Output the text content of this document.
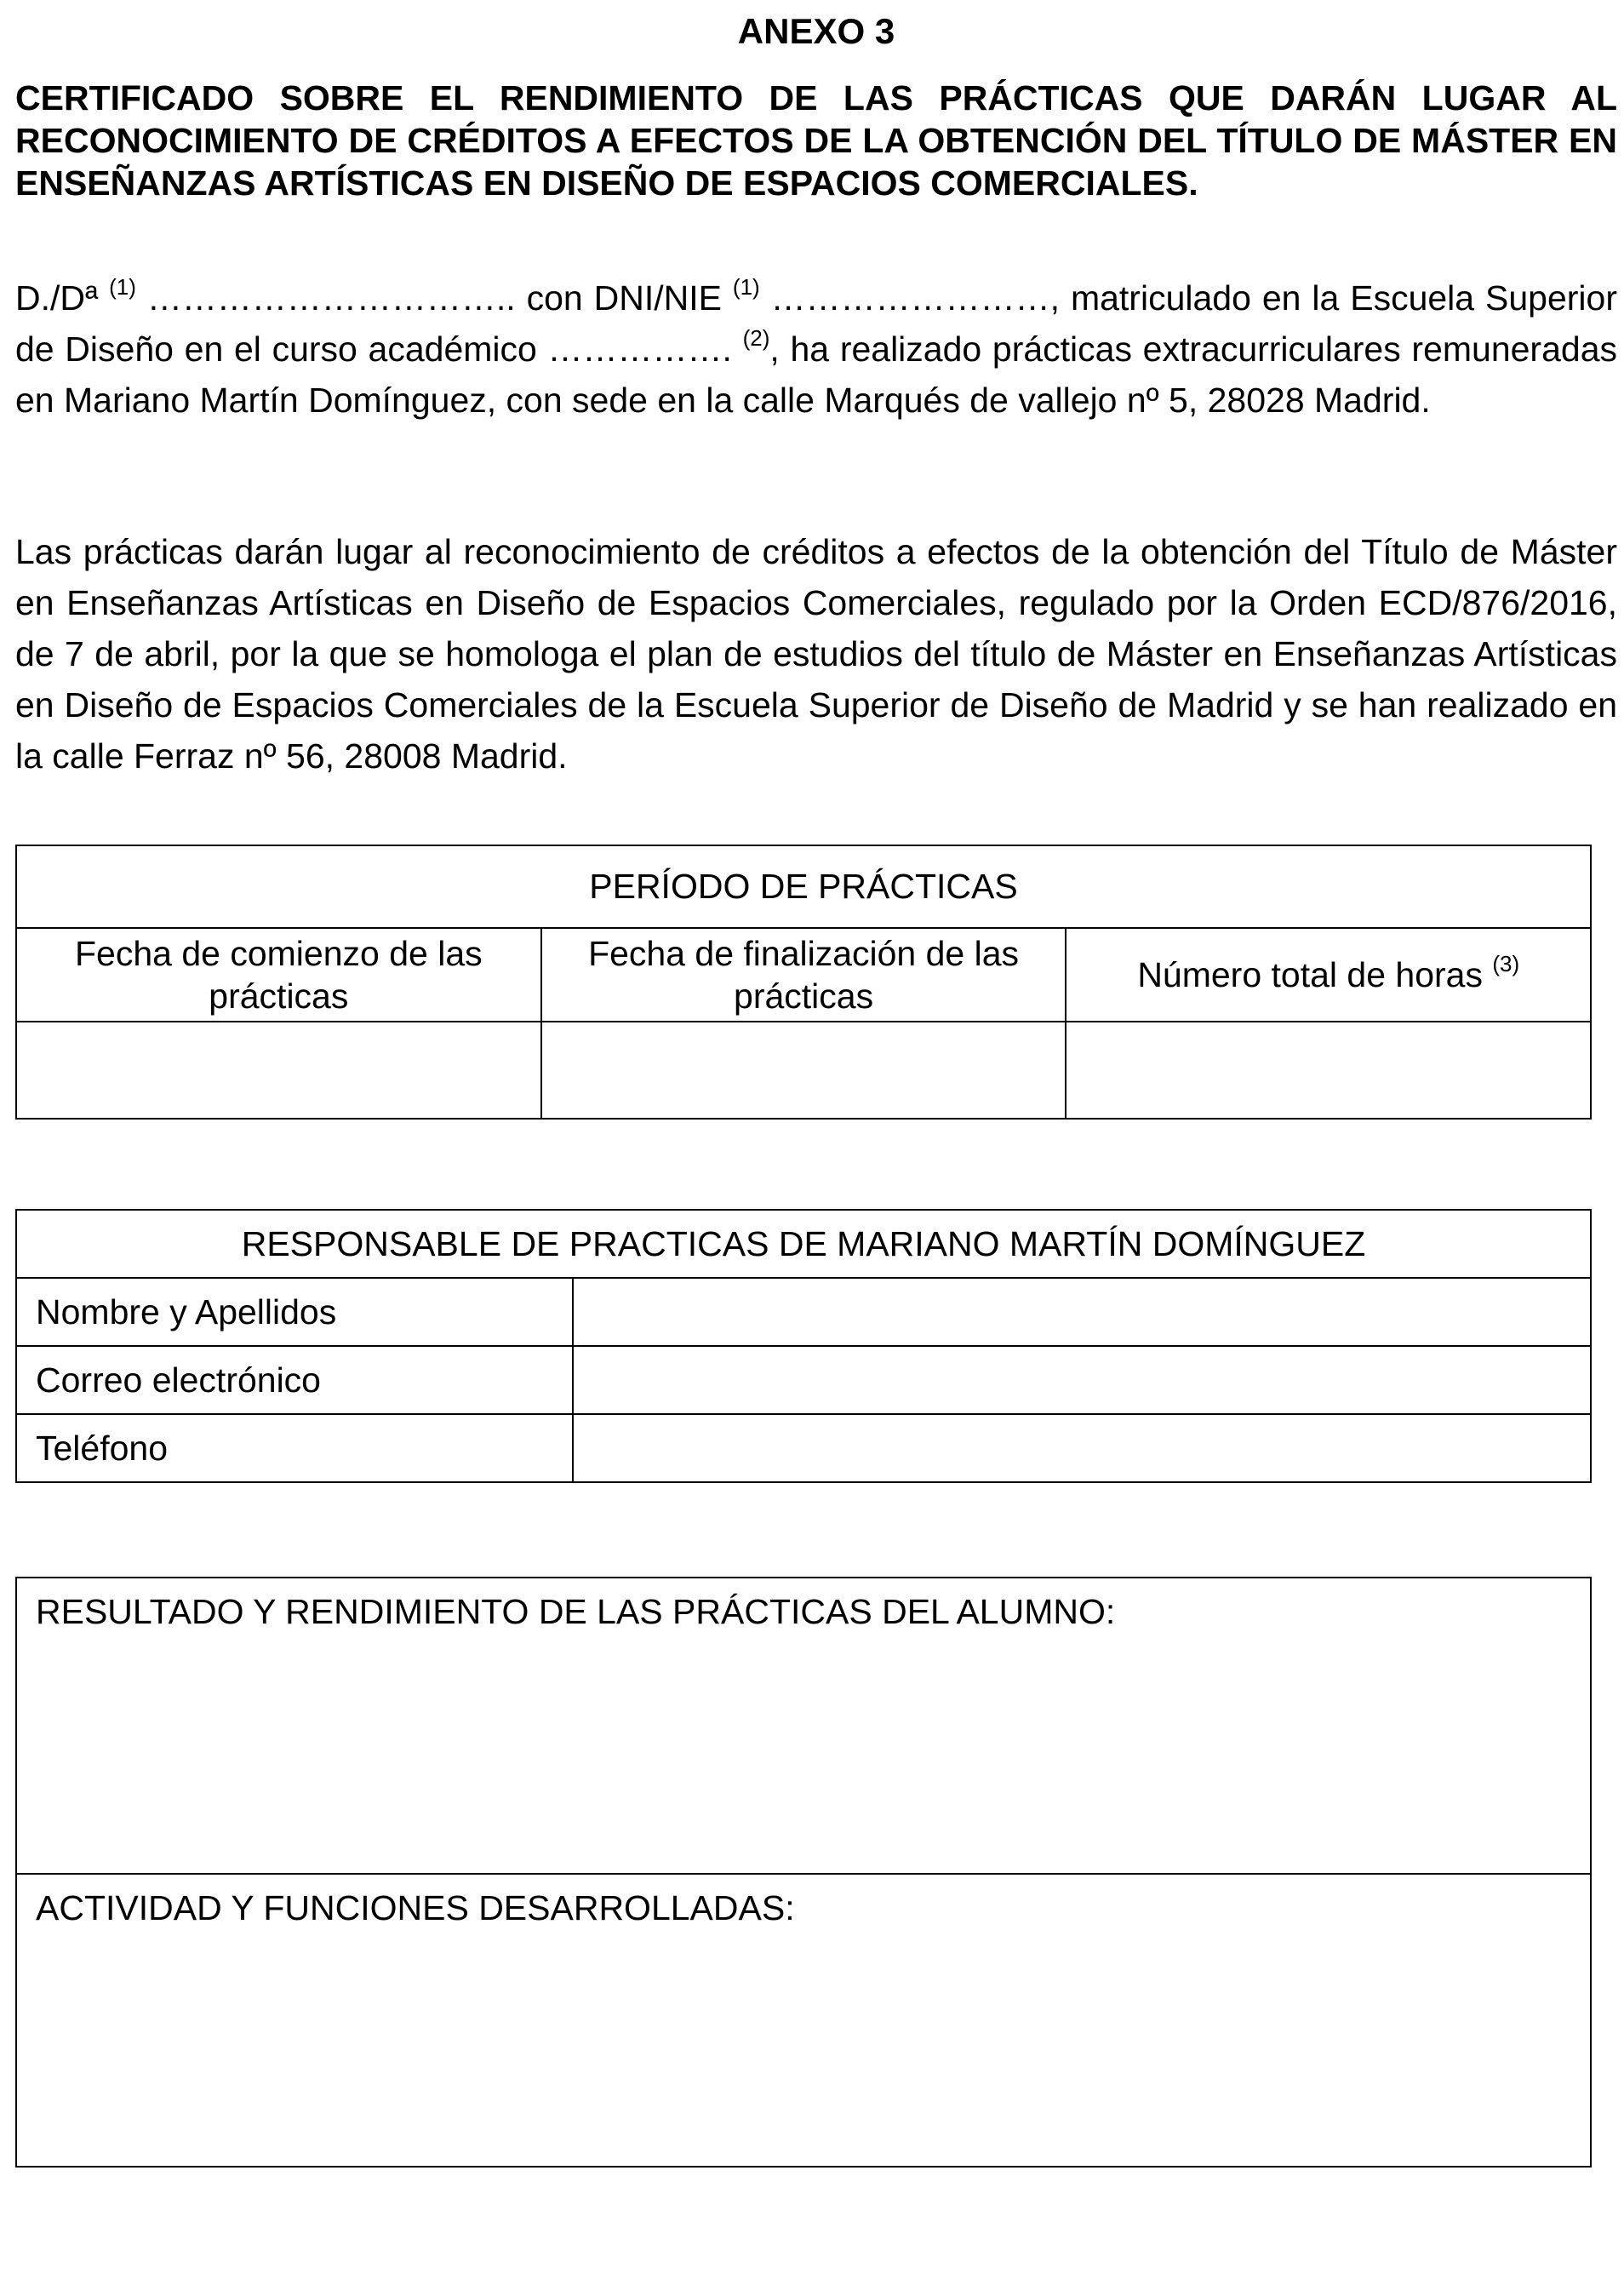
ANEXO 3
CERTIFICADO SOBRE EL RENDIMIENTO DE LAS PRÁCTICAS QUE DARÁN LUGAR AL RECONOCIMIENTO DE CRÉDITOS A EFECTOS DE LA OBTENCIÓN DEL TÍTULO DE MÁSTER EN ENSEÑANZAS ARTÍSTICAS EN DISEÑO DE ESPACIOS COMERCIALES.

D./Dª $^{(1)}$ ………………………….. con DNI/NIE $^{(1)}$ ……………………, matriculado en la Escuela Superior de Diseño en el curso académico ……………. $^{(2)}$, ha realizado prácticas extracurriculares remuneradas en Mariano Martín Domínguez, con sede en la calle Marqués de vallejo nº 5, 28028 Madrid.

Las prácticas darán lugar al reconocimiento de créditos a efectos de la obtención del Título de Máster en Enseñanzas Artísticas en Diseño de Espacios Comerciales, regulado por la Orden ECD/876/2016, de 7 de abril, por la que se homologa el plan de estudios del título de Máster en Enseñanzas Artísticas en Diseño de Espacios Comerciales de la Escuela Superior de Diseño de Madrid y se han realizado en la calle Ferraz nº 56, 28008 Madrid.

PERÍODO DE PRÁCTICAS		
Fecha de comienzo de las prácticas	Fecha de finalización de las prácticas	Número total de horas $^{(3)}$

RESPONSABLE DE PRACTICAS DE MARIANO MARTÍN DOMÍNGUEZ	
Nombre y Apellidos	
Correo electrónico	
Teléfono	
RESULTADO Y RENDIMIENTO DE LAS PRÁCTICAS DEL ALUMNO:
ACTIVIDAD Y FUNCIONES DESARROLLADAS:
